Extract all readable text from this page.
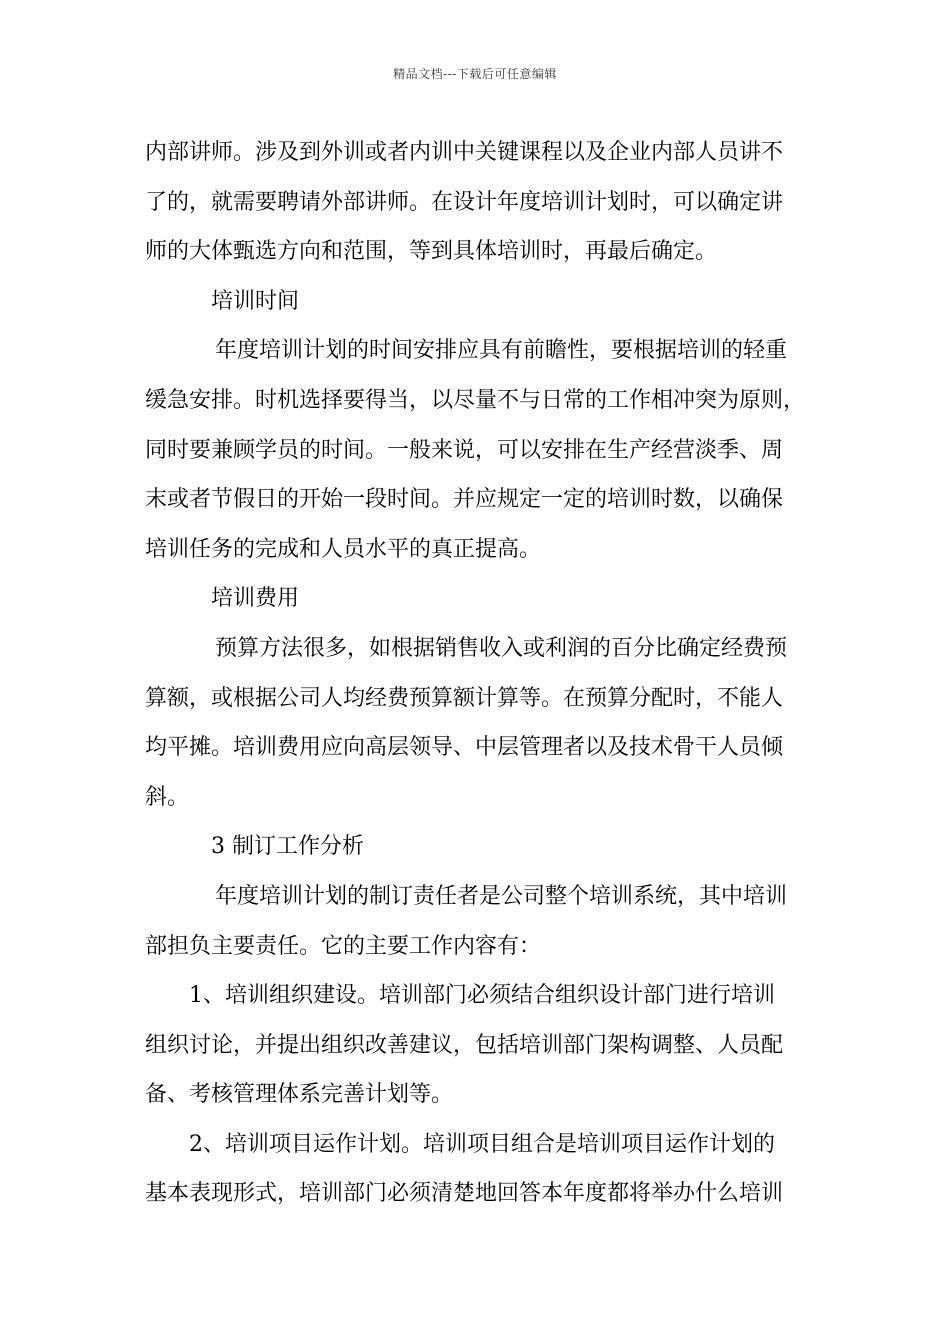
精品文档---下载后可任意编辑
内部讲师。涉及到外训或者内训中关键课程以及企业内部人员讲不
了的，就需要聘请外部讲师。在设计年度培训计划时，可以确定讲
师的大体甄选方向和范围，等到具体培训时，再最后确定。
培训时间
年度培训计划的时间安排应具有前瞻性，要根据培训的轻重
缓急安排。时机选择要得当，以尽量不与日常的工作相冲突为原则，
同时要兼顾学员的时间。一般来说，可以安排在生产经营淡季、周
末或者节假日的开始一段时间。并应规定一定的培训时数，以确保
培训任务的完成和人员水平的真正提高。
培训费用
预算方法很多，如根据销售收入或利润的百分比确定经费预
算额，或根据公司人均经费预算额计算等。在预算分配时，不能人
均平摊。培训费用应向高层领导、中层管理者以及技术骨干人员倾
斜。
3 制订工作分析
年度培训计划的制订责任者是公司整个培训系统，其中培训
部担负主要责任。它的主要工作内容有：
1、培训组织建设。培训部门必须结合组织设计部门进行培训
组织讨论，并提出组织改善建议，包括培训部门架构调整、人员配
备、考核管理体系完善计划等。
2、培训项目运作计划。培训项目组合是培训项目运作计划的
基本表现形式，培训部门必须清楚地回答本年度都将举办什么培训
